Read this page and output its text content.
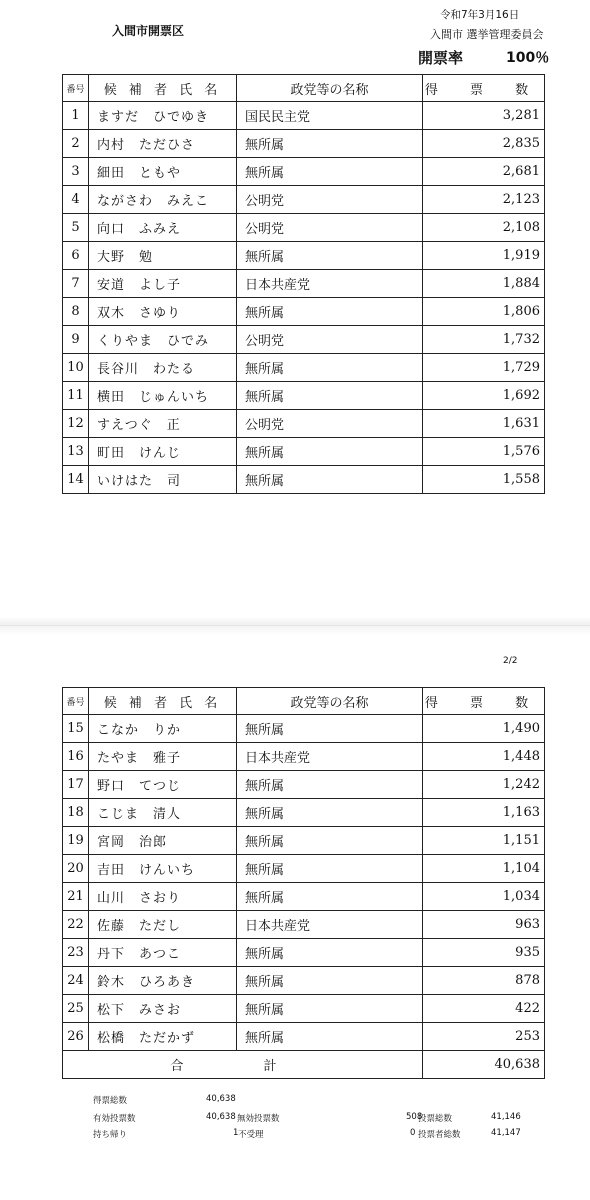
入間市開票区
令和7年3月16日
入間市 選挙管理委員会
開票率	100％
番号	候 補 者 氏 名	政党等の名称	得 票 数
1	ますだ　ひでゆき	国民民主党	3,281
2	内村　ただひさ	無所属	2,835
3	細田　ともや	無所属	2,681
4	ながさわ　みえこ	公明党	2,123
5	向口　ふみえ	公明党	2,108
6	大野　勉	無所属	1,919
7	安道　よし子	日本共産党	1,884
8	双木　さゆり	無所属	1,806
9	くりやま　ひでみ	公明党	1,732
10	長谷川　わたる	無所属	1,729
11	横田　じゅんいち	無所属	1,692
12	すえつぐ　正	公明党	1,631
13	町田　けんじ	無所属	1,576
14	いけはた　司	無所属	1,558
2/2
番号	候 補 者 氏 名	政党等の名称	得 票 数
15	こなか　りか	無所属	1,490
16	たやま　雅子	日本共産党	1,448
17	野口　てつじ	無所属	1,242
18	こじま　清人	無所属	1,163
19	宮岡　治郎	無所属	1,151
20	吉田　けんいち	無所属	1,104
21	山川　さおり	無所属	1,034
22	佐藤　ただし	日本共産党	963
23	丹下　あつこ	無所属	935
24	鈴木　ひろあき	無所属	878
25	松下　みさお	無所属	422
26	松橋　ただかず	無所属	253
合 計			40,638
得票総数	40,638
有効投票数	40,638 無効投票数	508
投票総数	41,146
持ち帰り	1 不受理	0 投票者総数	41,147
